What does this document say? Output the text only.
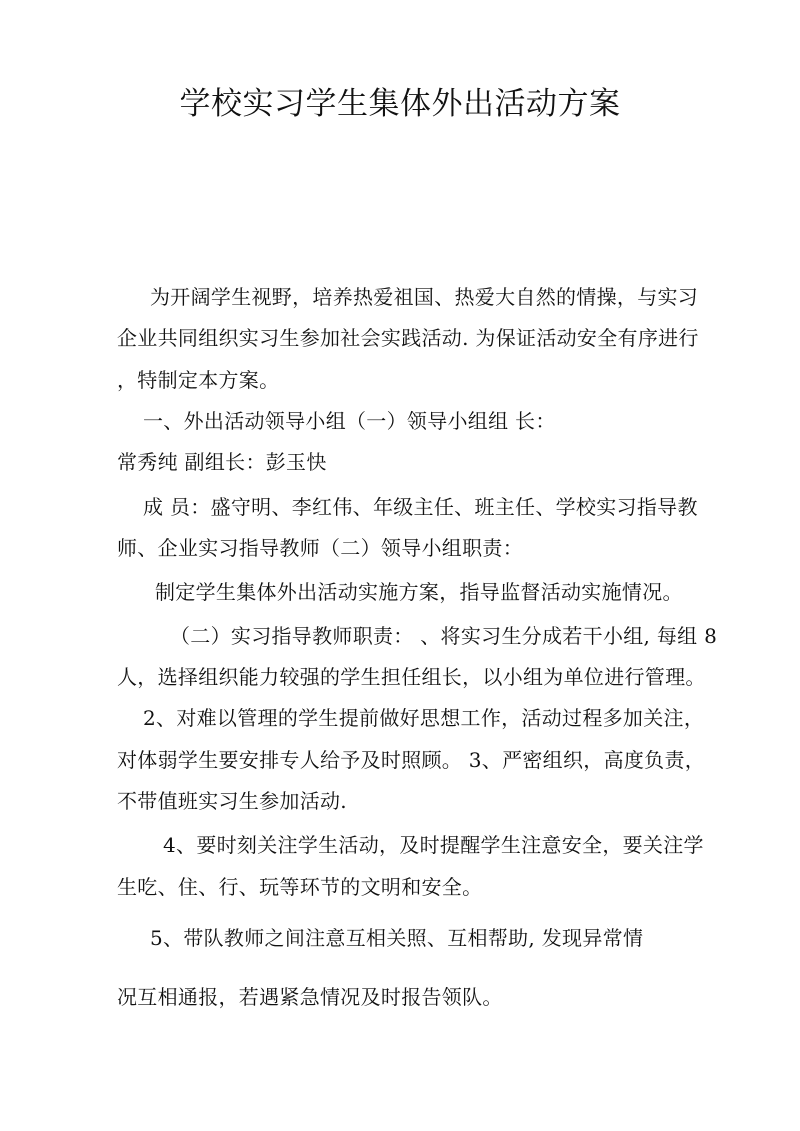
学校实习学生集体外出活动方案
为开阔学生视野，培养热爱祖国、热爱大自然的情操，与实习
企业共同组织实习生参加社会实践活动. 为保证活动安全有序进行
，特制定本方案。
一、外出活动领导小组（一）领导小组组 长：
常秀纯 副组长：彭玉快
成 员：盛守明、李红伟、年级主任、班主任、学校实习指导教
师、企业实习指导教师（二）领导小组职责：
制定学生集体外出活动实施方案，指导监督活动实施情况。
（二）实习指导教师职责： 、将实习生分成若干小组, 每组 8
人，选择组织能力较强的学生担任组长，以小组为单位进行管理。
2、对难以管理的学生提前做好思想工作，活动过程多加关注，
对体弱学生要安排专人给予及时照顾。 3、严密组织，高度负责，
不带值班实习生参加活动.
4、要时刻关注学生活动，及时提醒学生注意安全，要关注学
生吃、住、行、玩等环节的文明和安全。
5、带队教师之间注意互相关照、互相帮助, 发现异常情
况互相通报，若遇紧急情况及时报告领队。
